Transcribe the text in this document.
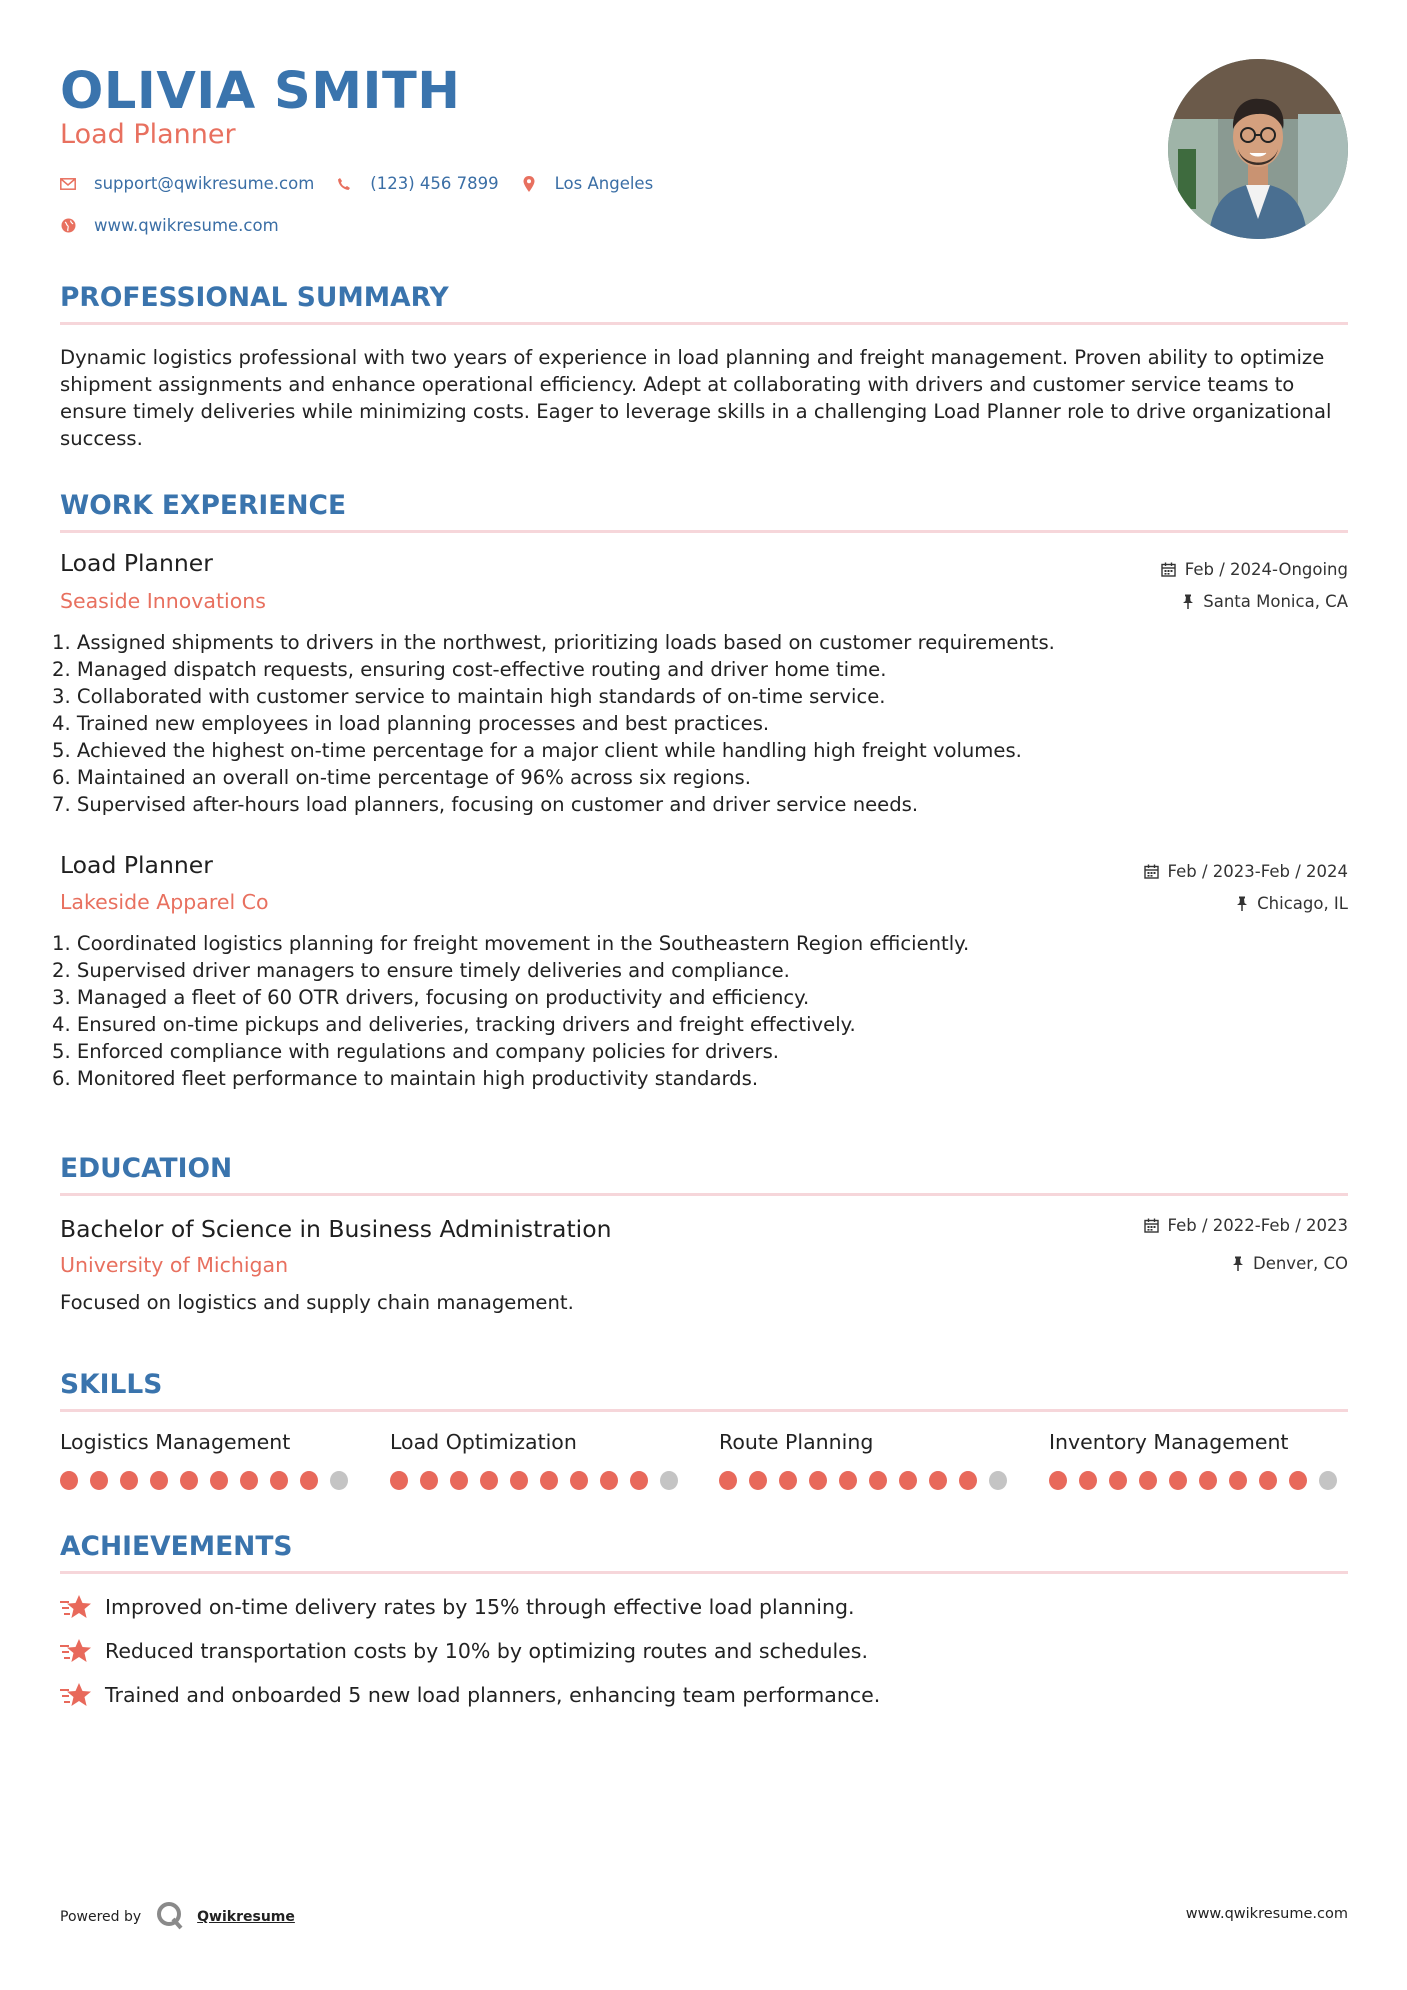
OLIVIA SMITH
Load Planner
support@qwikresume.com	(123) 456 7899	Los Angeles
www.qwikresume.com
PROFESSIONAL SUMMARY
Dynamic logistics professional with two years of experience in load planning and freight management. Proven ability to optimize shipment assignments and enhance operational efficiency. Adept at collaborating with drivers and customer service teams to ensure timely deliveries while minimizing costs. Eager to leverage skills in a challenging Load Planner role to drive organizational success.
WORK EXPERIENCE
Load Planner
Seaside Innovations
Feb / 2024-Ongoing
Santa Monica, CA
1. Assigned shipments to drivers in the northwest, prioritizing loads based on customer requirements.
2. Managed dispatch requests, ensuring cost-effective routing and driver home time.
3. Collaborated with customer service to maintain high standards of on-time service.
4. Trained new employees in load planning processes and best practices.
5. Achieved the highest on-time percentage for a major client while handling high freight volumes.
6. Maintained an overall on-time percentage of 96% across six regions.
7. Supervised after-hours load planners, focusing on customer and driver service needs.
Load Planner
Lakeside Apparel Co
Feb / 2023-Feb / 2024
Chicago, IL
1. Coordinated logistics planning for freight movement in the Southeastern Region efficiently.
2. Supervised driver managers to ensure timely deliveries and compliance.
3. Managed a fleet of 60 OTR drivers, focusing on productivity and efficiency.
4. Ensured on-time pickups and deliveries, tracking drivers and freight effectively.
5. Enforced compliance with regulations and company policies for drivers.
6. Monitored fleet performance to maintain high productivity standards.
EDUCATION
Bachelor of Science in Business Administration
University of Michigan
Feb / 2022-Feb / 2023
Denver, CO
Focused on logistics and supply chain management.
SKILLS
Logistics Management	Load Optimization	Route Planning	Inventory Management
ACHIEVEMENTS
Improved on-time delivery rates by 15% through effective load planning.
Reduced transportation costs by 10% by optimizing routes and schedules.
Trained and onboarded 5 new load planners, enhancing team performance.
Powered by	Qwikresume	www.qwikresume.com
